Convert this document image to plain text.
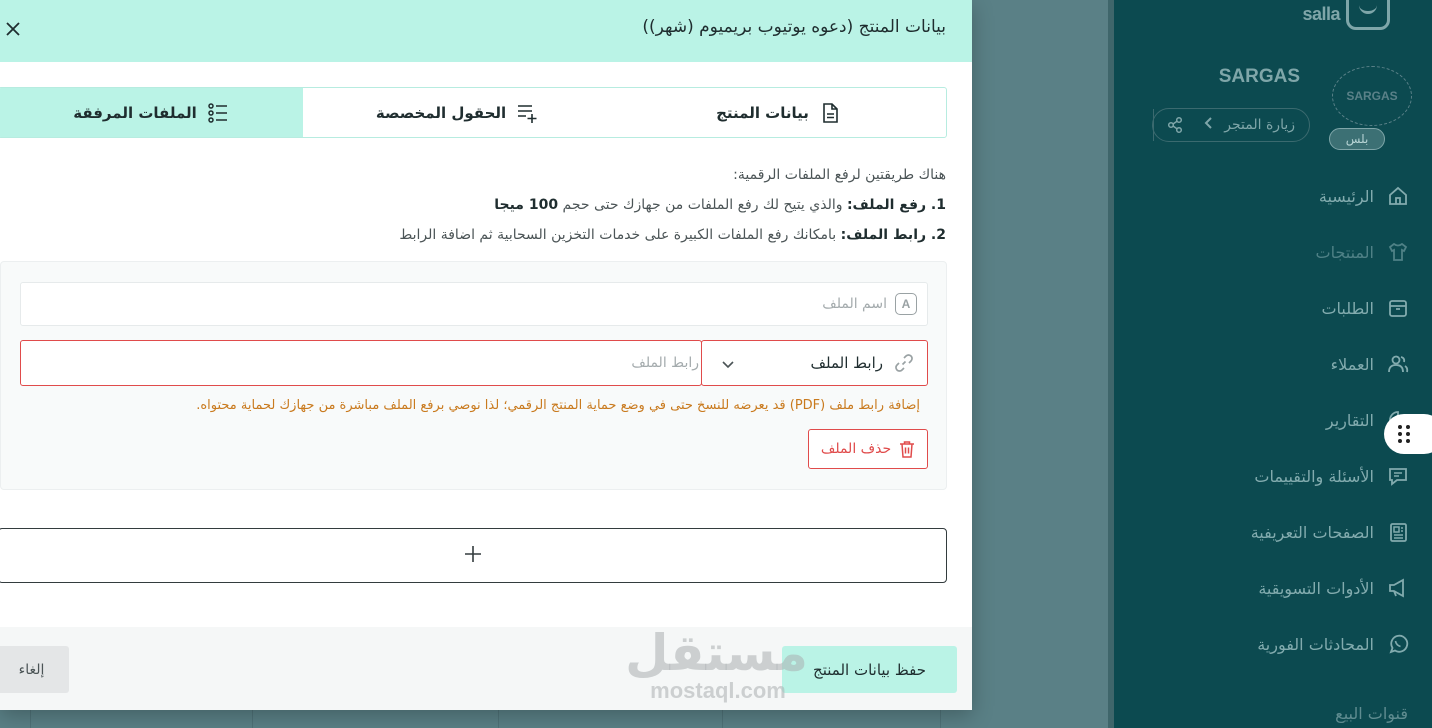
salla
SARGAS
SARGAS
زيارة المتجر
بلس
الرئيسية
المنتجات
الطلبات
العملاء
التقارير
الأسئلة والتقييمات
الصفحات التعريفية
الأدوات التسويقية
المحادثات الفورية
قنوات البيع
بيانات المنتج (دعوه يوتيوب بريميوم (شهر))
بيانات المنتج
الحقول المخصصة
الملفات المرفقة
هناك طريقتين لرفع الملفات الرقمية:
1. رفع الملف: والذي يتيح لك رفع الملفات من جهازك حتى حجم 100 ميجا
2. رابط الملف: بامكانك رفع الملفات الكبيرة على خدمات التخزين السحابية ثم اضافة الرابط
A
اسم الملف
رابط الملف
رابط الملف
إضافة رابط ملف (PDF) قد يعرضه للنسخ حتى في وضع حماية المنتج الرقمي؛ لذا نوصي برفع الملف مباشرة من جهازك لحماية محتواه.
حذف الملف
حفظ بيانات المنتج
إلغاء	مستقل
mostaql.com
